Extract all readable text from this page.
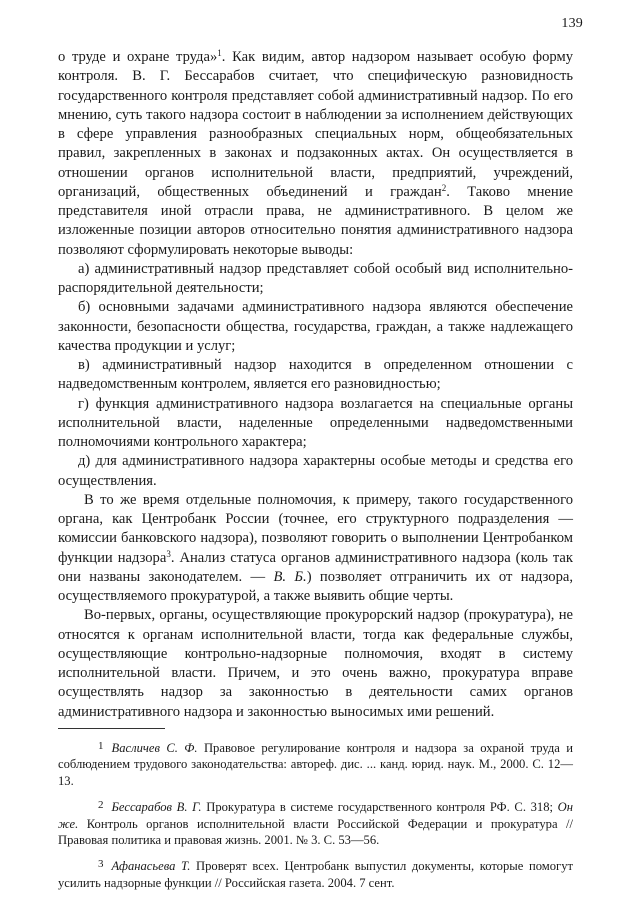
139

о труде и охране труда»$^1$. Как видим, автор надзором называет особую форму контроля. В. Г. Бессарабов считает, что специфическую разновидность государственного контроля представляет собой административный надзор. По его мнению, суть такого надзора состоит в наблюдении за исполнением действующих в сфере управления разнообразных специальных норм, общеобязательных правил, закрепленных в законах и подзаконных актах. Он осуществляется в отношении органов исполнительной власти, предприятий, учреждений, организаций, общественных объединений и граждан$^2$. Таково мнение представителя иной отрасли права, не административного. В целом же изложенные позиции авторов относительно понятия административного надзора позволяют сформулировать некоторые выводы:

а) административный надзор представляет собой особый вид исполнительно-распорядительной деятельности;

б) основными задачами административного надзора являются обеспечение законности, безопасности общества, государства, граждан, а также надлежащего качества продукции и услуг;

в) административный надзор находится в определенном отношении с надведомственным контролем, является его разновидностью;

г) функция административного надзора возлагается на специальные органы исполнительной власти, наделенные определенными надведомственными полномочиями контрольного характера;

д) для административного надзора характерны особые методы и средства его осуществления.

В то же время отдельные полномочия, к примеру, такого государственного органа, как Центробанк России (точнее, его структурного подразделения — комиссии банковского надзора), позволяют говорить о выполнении Центробанком функции надзора$^3$. Анализ статуса органов административного надзора (коль так они названы законодателем. — В. Б.) позволяет отграничить их от надзора, осуществляемого прокуратурой, а также выявить общие черты.

Во-первых, органы, осуществляющие прокурорский надзор (прокуратура), не относятся к органам исполнительной власти, тогда как федеральные службы, осуществляющие контрольно-надзорные полномочия, входят в систему исполнительной власти. Причем, и это очень важно, прокуратура вправе осуществлять надзор за законностью в деятельности самих органов административного надзора и законностью выносимых ими решений.

1 Васличев С. Ф. Правовое регулирование контроля и надзора за охраной труда и соблюдением трудового законодательства: автореф. дис. ... канд. юрид. наук. М., 2000. С. 12—13.

2 Бессарабов В. Г. Прокуратура в системе государственного контроля РФ. С. 318; Он же. Контроль органов исполнительной власти Российской Федерации и прокуратура // Правовая политика и правовая жизнь. 2001. № 3. С. 53—56.

3 Афанасьева Т. Проверят всех. Центробанк выпустил документы, которые помогут усилить надзорные функции // Российская газета. 2004. 7 сент.
